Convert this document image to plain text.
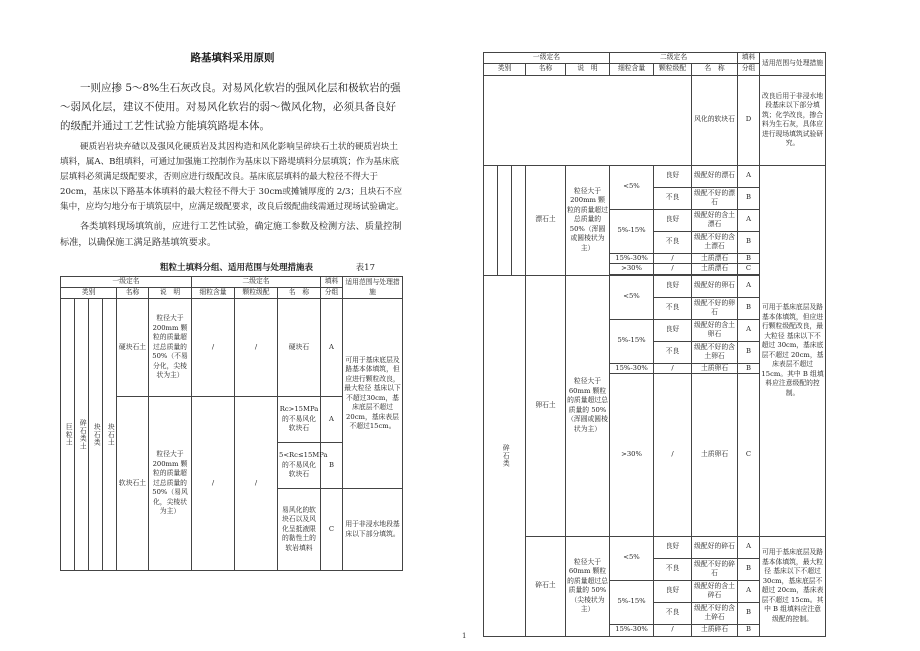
路基填料采用原则

一则应掺 5～8%生石灰改良。对易风化软岩的强风化层和极软岩的强～弱风化层，建议不使用。对易风化软岩的弱～微风化物，必须具备良好的级配并通过工艺性试验方能填筑路堤本体。

硬质岩岩块弃碴以及强风化硬质岩及其因构造和风化影响呈碎块石土状的硬质岩块土填料，属A、B组填料，可通过加强施工控制作为基床以下路堤填料分层填筑；作为基床底层填料必须满足级配要求，否则应进行级配改良。基床底层填料的最大粒径不得大于 20cm，基床以下路基本体填料的最大粒径不得大于 30cm或摊铺厚度的 2/3；且块石不应集中，应均匀地分布于填筑层中，应满足级配要求，改良后级配曲线需通过现场试验确定。

各类填料现场填筑前，应进行工艺性试验，确定施工参数及检测方法、质量控制标准，以确保施工满足路基填筑要求。

粗粒土填料分组、适用范围与处理措施表	表17
一级定名						二级定名			填料	适用范围与处理措施
类别				名称	说　明	细粒含量	颗粒级配	名　称	分组	
巨粒土	碎石类土	块石类	块石土	硬块石土	粒径大于 200mm 颗粒的质量超过总质量的 50%（不易分化，尖棱状为主）	/	/	硬块石	A	可用于基床底层及路基本体填筑，但应进行颗粒改良，最大粒径 基床以下不超过30cm，基床底层不超过20cm，基床表层不超过15cm。
				软块石土	粒径大于 200mm 颗粒的质量超过总质量的 50%（易风化，尖棱状为主）	/	/	Rc>15MPa 的不易风化软块石	A	
								5<Rc≤15MPa 的不易风化软块石	B	
								易风化的软块石以及风化呈抵液限的黏性土的软岩填料	C	用于非浸水地段基床以下部分填筑。
一级定名					二级定名			填料	适用范围与处理措施	
类别			名称	说　明	细粒含量	颗粒级配	名　称	分组		
							风化的软块石	D	改良后用于非浸水地段基床以下部分填筑；化学改良，掺合料为生石灰，具体应进行现场填筑试验研究。	
			漂石土	粒径大于 200mm 颗粒的质量超过总质量的 50%（浑圆或圆棱状为主）	<5%	良好	级配好的漂石	A	可用于基床底层及路基本体填筑，但应进行颗粒级配改良，最大粒径 基床以下不超过 30cm，基床底层不超过 20cm，基床表层不超过 15cm。其中 B 组填料应注意级配的控制。	
						不良	级配不好的漂石	B		
					5%-15%	良好	级配好的含土漂石	A		
						不良	级配不好的含土漂石	B		
					15%-30%	/	土质漂石	B		
					>30%	/	土质漂石	C		

碎石类			卵石土	粒径大于 60mm 颗粒的质量超过总质量的 50%（浑圆或圆棱状为主）	<5%	良好	级配好的卵石	A		
						不良	级配不好的卵石	B		
					5%-15%	良好	级配好的含土卵石	A		
						不良	级配不好的含土卵石	B		
					15%-30%	/	土质卵石	B		
					>30%	/	土质卵石	C	
			碎石土	粒径大于 60mm 颗粒的质量超过总质量的 50%（尖棱状为主）	<5%	良好	级配好的碎石	A	可用于基床底层及路基本体填筑，最大粒径 基床以下不超过 30cm，基床底层不超过 20cm，基床表层不超过 15cm。其中 B 组填料应注意级配的控制。	
						不良	级配不好的碎石	B		
					5%-15%	良好	级配好的含土碎石	A		
						不良	级配不好的含土碎石	B		
					15%-30%	/	土质碎石	B		
1
